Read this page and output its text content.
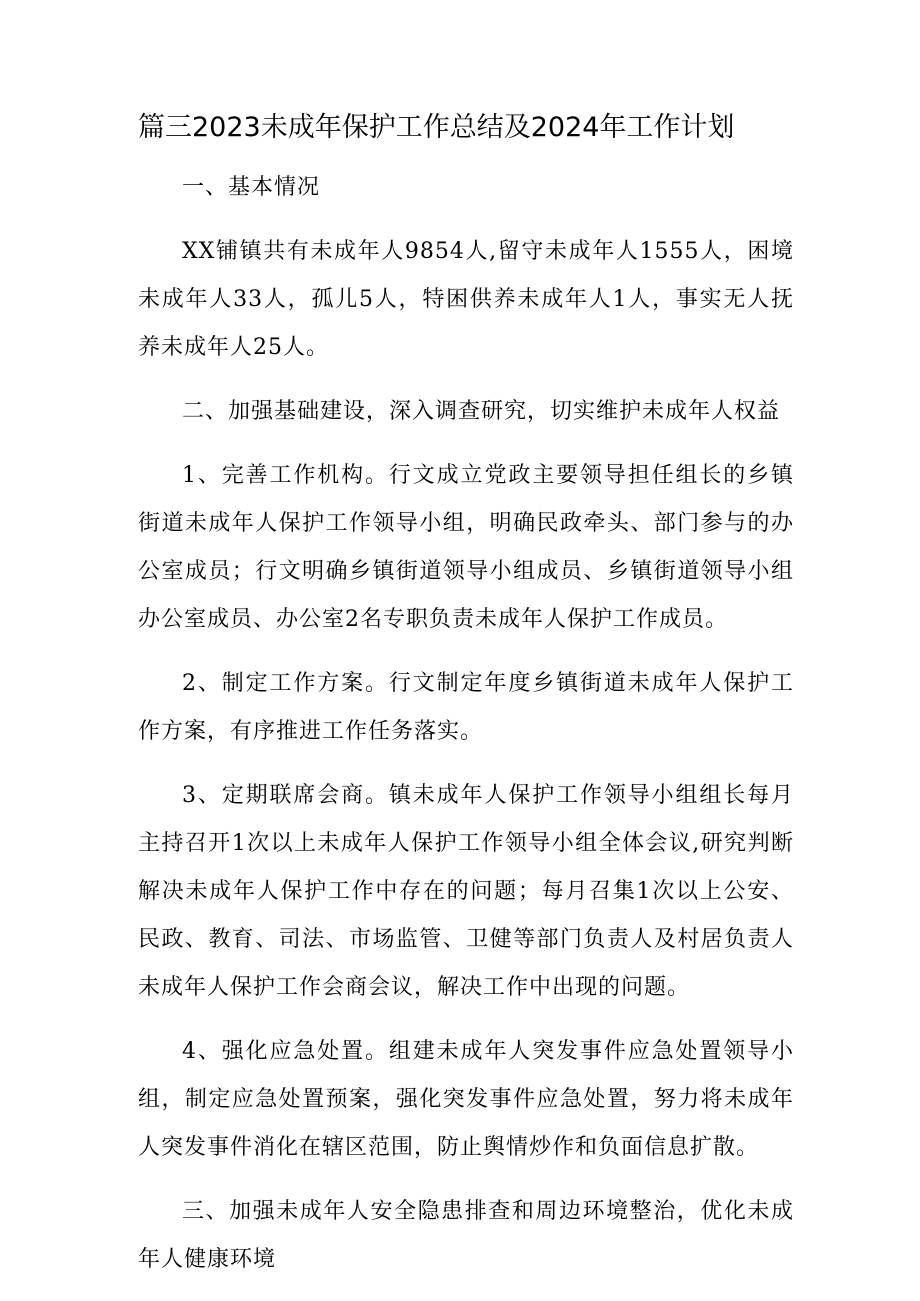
篇三2023未成年保护工作总结及2024年工作计划

一、基本情况

XX铺镇共有未成年人9854人,留守未成年人1555人，困境未成年人33人，孤儿5人，特困供养未成年人1人，事实无人抚养未成年人25人。

二、加强基础建设，深入调查研究，切实维护未成年人权益

1、完善工作机构。行文成立党政主要领导担任组长的乡镇街道未成年人保护工作领导小组，明确民政牵头、部门参与的办公室成员；行文明确乡镇街道领导小组成员、乡镇街道领导小组办公室成员、办公室2名专职负责未成年人保护工作成员。

2、制定工作方案。行文制定年度乡镇街道未成年人保护工作方案，有序推进工作任务落实。

3、定期联席会商。镇未成年人保护工作领导小组组长每月主持召开1次以上未成年人保护工作领导小组全体会议,研究判断解决未成年人保护工作中存在的问题；每月召集1次以上公安、民政、教育、司法、市场监管、卫健等部门负责人及村居负责人未成年人保护工作会商会议，解决工作中出现的问题。

4、强化应急处置。组建未成年人突发事件应急处置领导小组，制定应急处置预案，强化突发事件应急处置，努力将未成年人突发事件消化在辖区范围，防止舆情炒作和负面信息扩散。

三、加强未成年人安全隐患排查和周边环境整治，优化未成年人健康环境
